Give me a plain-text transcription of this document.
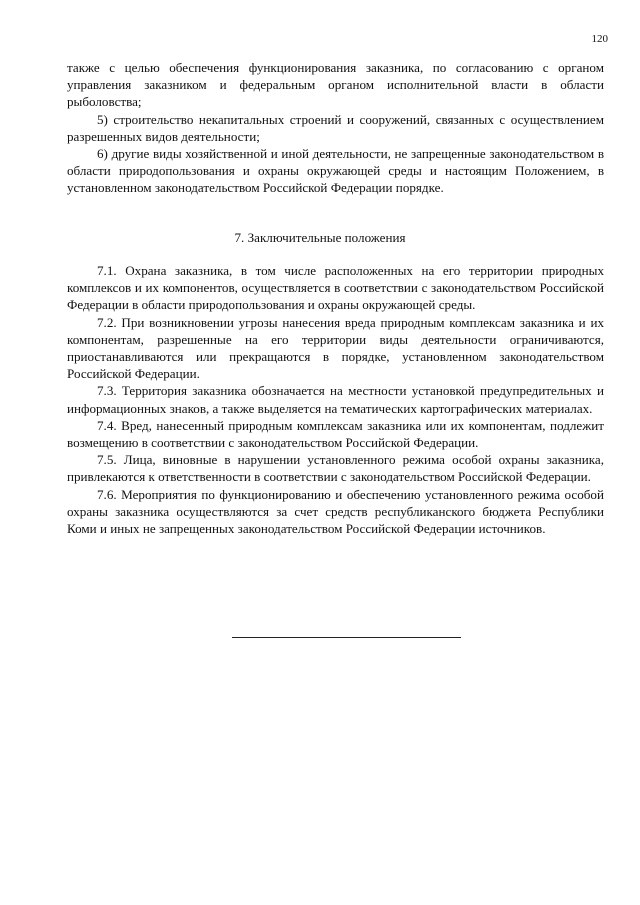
120

также с целью обеспечения функционирования заказника, по согласованию с органом управления заказником и федеральным органом исполнительной власти в области рыболовства;

5) строительство некапитальных строений и сооружений, связанных с осуществлением разрешенных видов деятельности;

6) другие виды хозяйственной и иной деятельности, не запрещенные законодательством в области природопользования и охраны окружающей среды и настоящим Положением, в установленном законодательством Российской Федерации порядке.

7. Заключительные положения

7.1. Охрана заказника, в том числе расположенных на его территории природных комплексов и их компонентов, осуществляется в соответствии с законодательством Российской Федерации в области природопользования и охраны окружающей среды.

7.2. При возникновении угрозы нанесения вреда природным комплексам заказника и их компонентам, разрешенные на его территории виды деятельности ограничиваются, приостанавливаются или прекращаются в порядке, установленном законодательством Российской Федерации.

7.3. Территория заказника обозначается на местности установкой предупредительных и информационных знаков, а также выделяется на тематических картографических материалах.

7.4. Вред, нанесенный природным комплексам заказника или их компонентам, подлежит возмещению в соответствии с законодательством Российской Федерации.

7.5. Лица, виновные в нарушении установленного режима особой охраны заказника, привлекаются к ответственности в соответствии с законодательством Российской Федерации.

7.6. Мероприятия по функционированию и обеспечению установленного режима особой охраны заказника осуществляются за счет средств республиканского бюджета Республики Коми и иных не запрещенных законодательством Российской Федерации источников.
